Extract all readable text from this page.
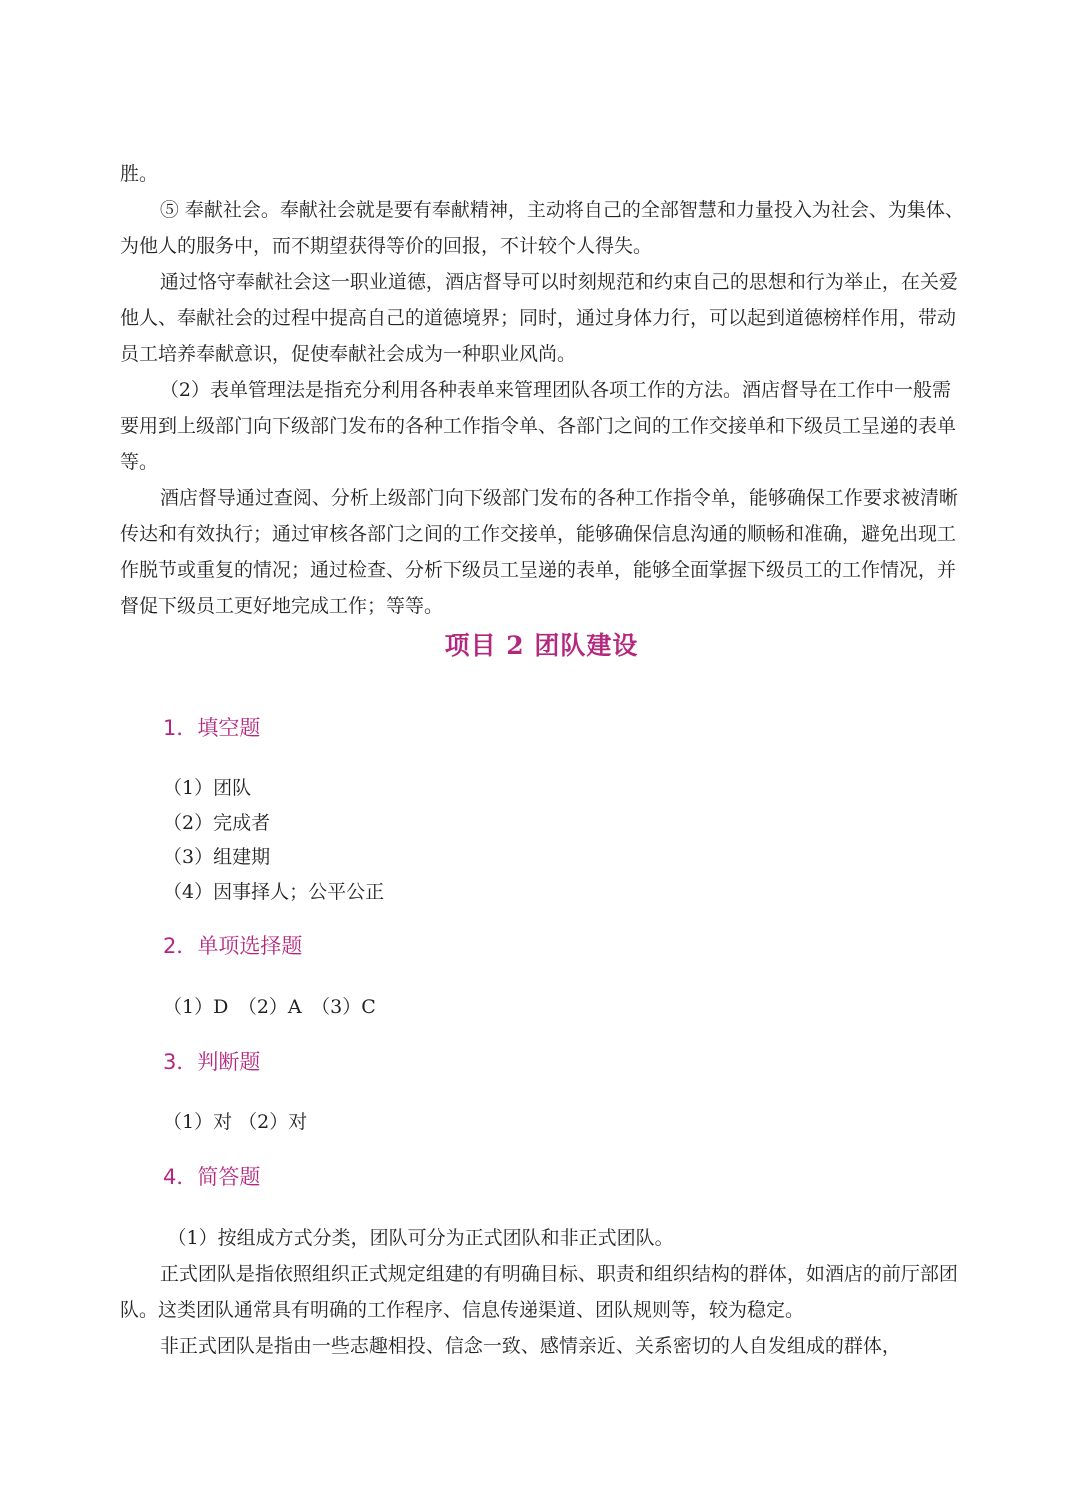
胜。

⑤ 奉献社会。奉献社会就是要有奉献精神，主动将自己的全部智慧和力量投入为社会、为集体、为他人的服务中，而不期望获得等价的回报，不计较个人得失。

通过恪守奉献社会这一职业道德，酒店督导可以时刻规范和约束自己的思想和行为举止，在关爱他人、奉献社会的过程中提高自己的道德境界；同时，通过身体力行，可以起到道德榜样作用，带动员工培养奉献意识，促使奉献社会成为一种职业风尚。

（2）表单管理法是指充分利用各种表单来管理团队各项工作的方法。酒店督导在工作中一般需要用到上级部门向下级部门发布的各种工作指令单、各部门之间的工作交接单和下级员工呈递的表单等。

酒店督导通过查阅、分析上级部门向下级部门发布的各种工作指令单，能够确保工作要求被清晰传达和有效执行；通过审核各部门之间的工作交接单，能够确保信息沟通的顺畅和准确，避免出现工作脱节或重复的情况；通过检查、分析下级员工呈递的表单，能够全面掌握下级员工的工作情况，并督促下级员工更好地完成工作；等等。

项目 2 团队建设
1．填空题

（1）团队

（2）完成者

（3）组建期

（4）因事择人；公平公正

2．单项选择题

（1）D　（2）A　（3）C

3．判断题

（1）对 （2）对

4．简答题

（1）按组成方式分类，团队可分为正式团队和非正式团队。

正式团队是指依照组织正式规定组建的有明确目标、职责和组织结构的群体，如酒店的前厅部团队。这类团队通常具有明确的工作程序、信息传递渠道、团队规则等，较为稳定。

非正式团队是指由一些志趣相投、信念一致、感情亲近、关系密切的人自发组成的群体，
